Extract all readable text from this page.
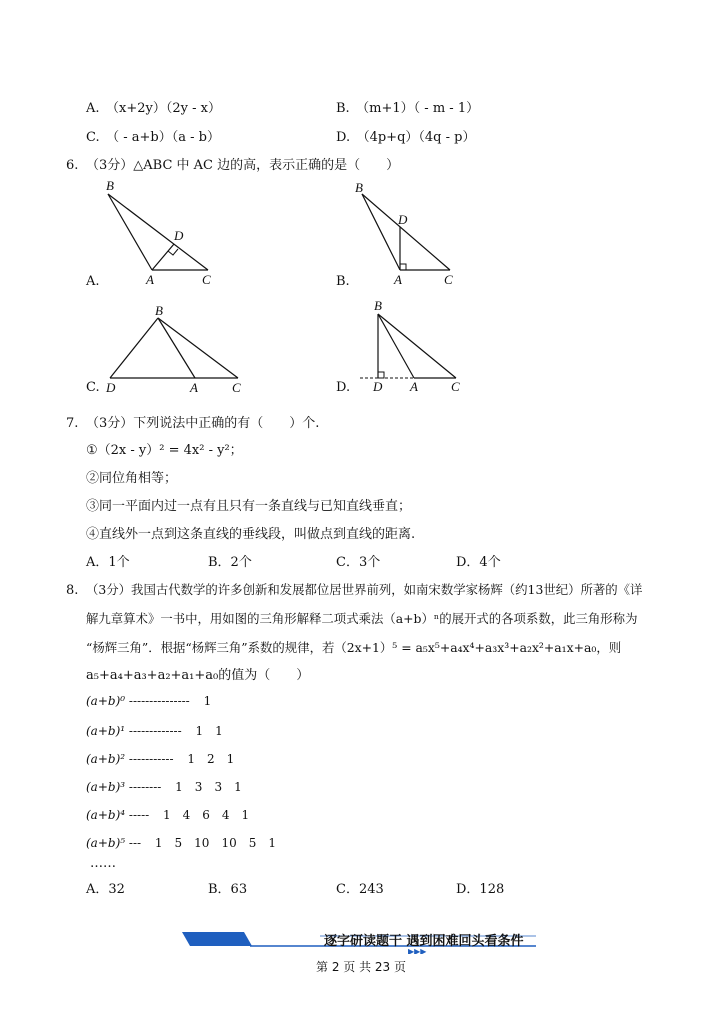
A.　（x+2y）（2y - x）	B.　（m+1）（ - m - 1）
C.　（ - a+b）（a - b）	D.　（4p+q）（4q - p）
6. （3分）△ABC 中 AC 边的高，表示正确的是（　　）
B
D
A	C
A.
B
D
A	C
B.
B
D	A	C
C.
B
D A	C
D.
7. （3分）下列说法中正确的有（　　）个.
①（2x - y）² = 4x² - y²；
②同位角相等；
③同一平面内过一点有且只有一条直线与已知直线垂直；
④直线外一点到这条直线的垂线段，叫做点到直线的距离.
A．1个	B．2个	C．3个	D．4个
8. （3分）我国古代数学的许多创新和发展都位居世界前列，如南宋数学家杨辉（约13世纪）所著的《详
解九章算术》一书中，用如图的三角形解释二项式乘法（a+b）ⁿ的展开式的各项系数，此三角形称为
“杨辉三角”．根据“杨辉三角”系数的规律，若（2x+1）⁵ = a₅x⁵+a₄x⁴+a₃x³+a₂x²+a₁x+a₀，则
a₅+a₄+a₃+a₂+a₁+a₀的值为（　　）
(a+b)⁰ --------------- 1
(a+b)¹ ------------- 1　1
(a+b)² ----------- 1　2　1
(a+b)³ -------- 1　3　3　1
(a+b)⁴ ----- 1　4　6　4　1
(a+b)⁵ --- 1　5　10　10　5　1
……
A．32	B．63	C．243	D．128
▶▶▶
逐字研读题干 遇到困难回头看条件
第 2 页 共 23 页
